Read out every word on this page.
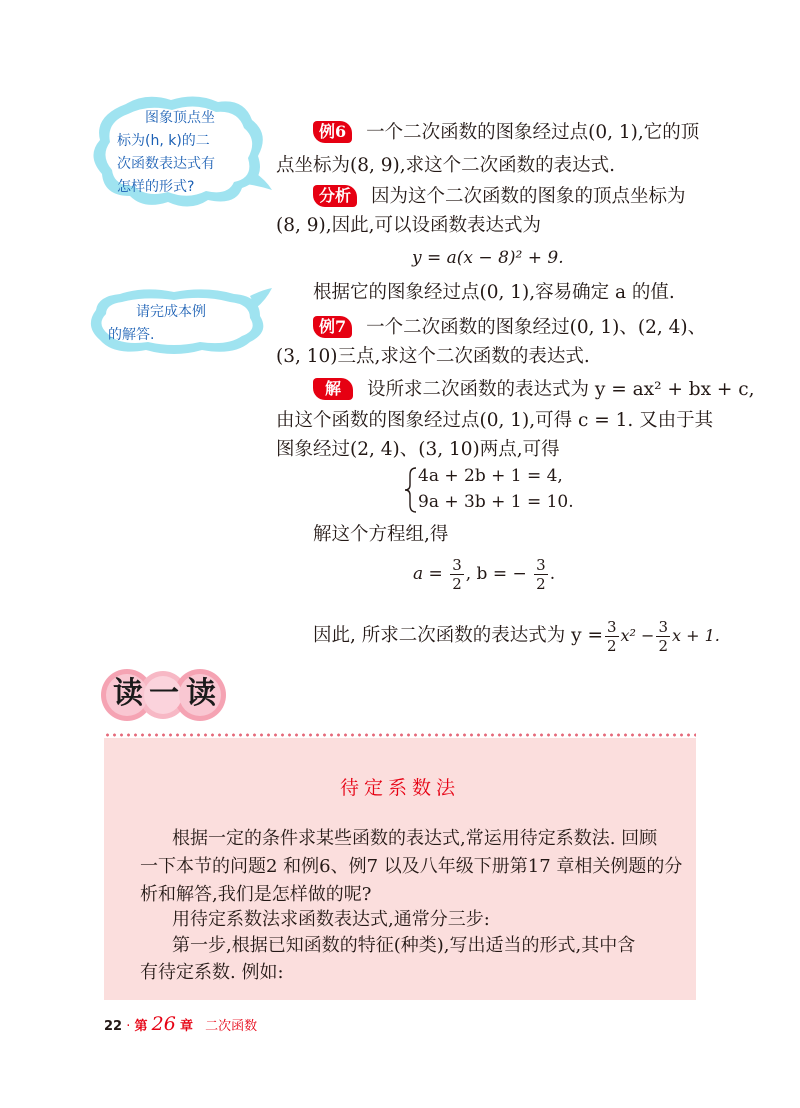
图象顶点坐
标为(h, k)的二
次函数表达式有
怎样的形式?
请完成本例
的解答.
例6 一个二次函数的图象经过点(0, 1),它的顶
点坐标为(8, 9),求这个二次函数的表达式.
分析 因为这个二次函数的图象的顶点坐标为
(8, 9),因此,可以设函数表达式为
y = a(x − 8)² + 9.
根据它的图象经过点(0, 1),容易确定 a 的值.
例7 一个二次函数的图象经过(0, 1)、(2, 4)、
(3, 10)三点,求这个二次函数的表达式.
解 设所求二次函数的表达式为 y = ax² + bx + c,
由这个函数的图象经过点(0, 1),可得 c = 1. 又由于其
图象经过(2, 4)、(3, 10)两点,可得
4a + 2b + 1 = 4,
9a + 3b + 1 = 10.
解这个方程组,得
$a = \frac{3}{2}$ , b = − $\frac{3}{2}$ .
因此, 所求二次函数的表达式为 $y = \frac{3}{2} x^2 - \frac{3}{2}$ x + 1.
读 一 读
待定系数法
根据一定的条件求某些函数的表达式,常运用待定系数法. 回顾
一下本节的问题2 和例6、例7 以及八年级下册第17 章相关例题的分
析和解答,我们是怎样做的呢?
用待定系数法求函数表达式,通常分三步:
第一步,根据已知函数的特征(种类),写出适当的形式,其中含
有待定系数. 例如:
22 · 第 26 章 二次函数
